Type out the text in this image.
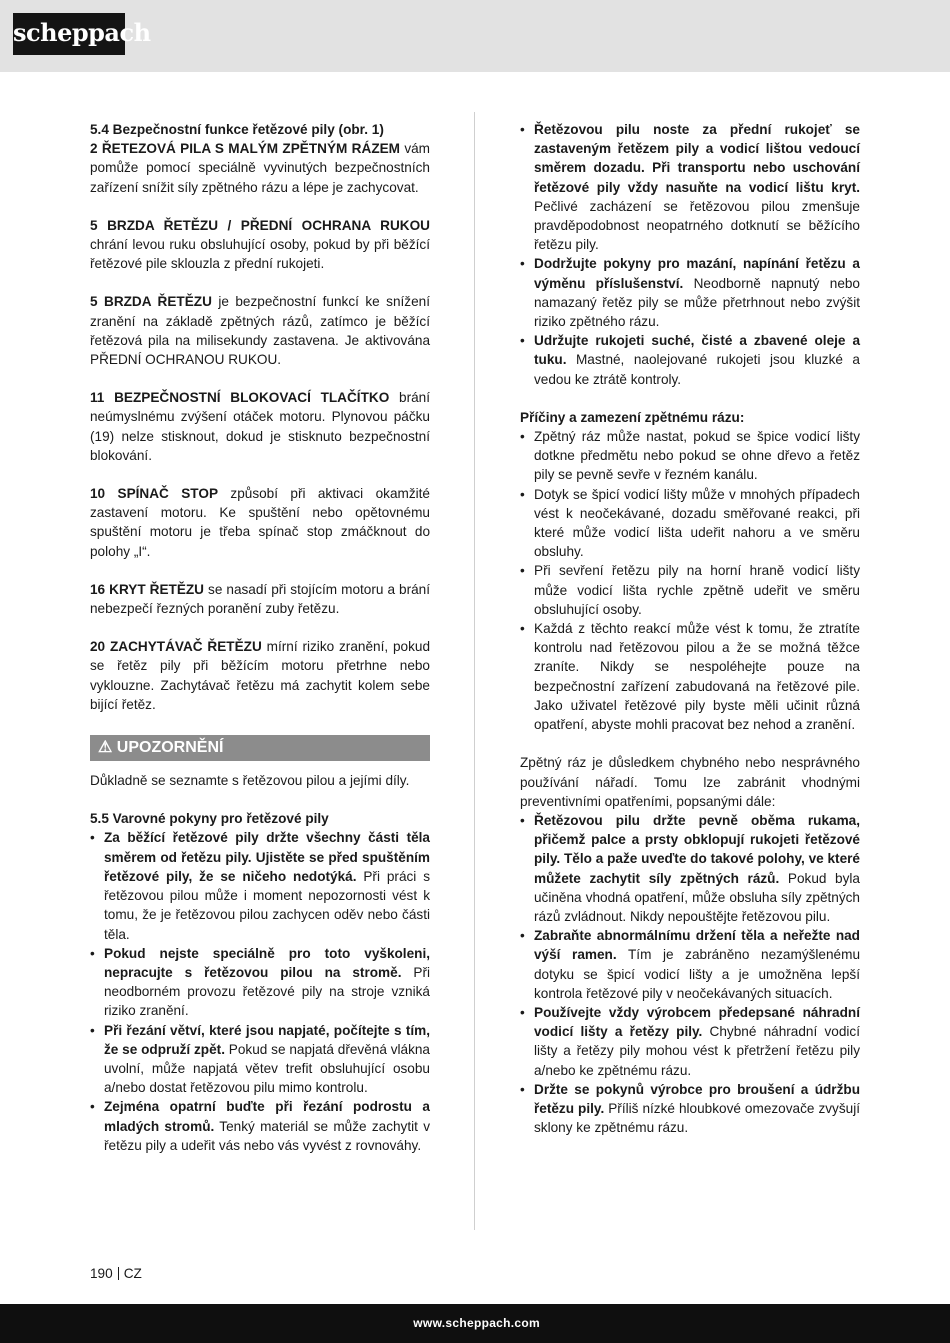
scheppach

5.4 Bezpečnostní funkce řetězové pily (obr. 1)

2 ŘETEZOVÁ PILA S MALÝM ZPĚTNÝM RÁZEM vám pomůže pomocí speciálně vyvinutých bezpečnostních zařízení snížit síly zpětného rázu a lépe je zachycovat.

5 BRZDA ŘETĚZU / PŘEDNÍ OCHRANA RUKOU chrání levou ruku obsluhující osoby, pokud by při běžící řetězové pile sklouzla z přední rukojeti.

5 BRZDA ŘETĚZU je bezpečnostní funkcí ke snížení zranění na základě zpětných rázů, zatímco je běžící řetězová pila na milisekundy zastavena. Je aktivována PŘEDNÍ OCHRANOU RUKOU.

11 BEZPEČNOSTNÍ BLOKOVACÍ TLAČÍTKO brání neúmyslnému zvýšení otáček motoru. Plynovou páčku (19) nelze stisknout, dokud je stisknuto bezpečnostní blokování.

10 SPÍNAČ STOP způsobí při aktivaci okamžité zastavení motoru. Ke spuštění nebo opětovnému spuštění motoru je třeba spínač stop zmáčknout do polohy „I“.

16 KRYT ŘETĚZU se nasadí při stojícím motoru a brání nebezpečí řezných poranění zuby řetězu.

20 ZACHYTÁVAČ ŘETĚZU mírní riziko zranění, pokud se řetěz pily při běžícím motoru přetrhne nebo vyklouzne. Zachytávač řetězu má zachytit kolem sebe bijící řetěz.

⚠ UPOZORNĚNÍ

Důkladně se seznamte s řetězovou pilou a jejími díly.

5.5 Varovné pokyny pro řetězové pily

• Za běžící řetězové pily držte všechny části těla směrem od řetězu pily. Ujistěte se před spuštěním řetězové pily, že se ničeho nedotýká. Při práci s řetězovou pilou může i moment nepozornosti vést k tomu, že je řetězovou pilou zachycen oděv nebo části těla.
• Pokud nejste speciálně pro toto vyškoleni, nepracujte s řetězovou pilou na stromě. Při neodborném provozu řetězové pily na stroje vzniká riziko zranění.
• Při řezání větví, které jsou napjaté, počítejte s tím, že se odpruží zpět. Pokud se napjatá dřevěná vlákna uvolní, může napjatá větev trefit obsluhující osobu a/nebo dostat řetězovou pilu mimo kontrolu.
• Zejména opatrní buďte při řezání podrostu a mladých stromů. Tenký materiál se může zachytit v řetězu pily a udeřit vás nebo vás vyvést z rovnováhy.
• Řetězovou pilu noste za přední rukojeť se zastaveným řetězem pily a vodicí lištou vedoucí směrem dozadu. Při transportu nebo uschování řetězové pily vždy nasuňte na vodicí lištu kryt. Pečlivé zacházení se řetězovou pilou zmenšuje pravděpodobnost neopatrného dotknutí se běžícího řetězu pily.
• Dodržujte pokyny pro mazání, napínání řetězu a výměnu příslušenství. Neodborně napnutý nebo namazaný řetěz pily se může přetrhnout nebo zvýšit riziko zpětného rázu.
• Udržujte rukojeti suché, čisté a zbavené oleje a tuku. Mastné, naolejované rukojeti jsou kluzké a vedou ke ztrátě kontroly.

Příčiny a zamezení zpětnému rázu:

• Zpětný ráz může nastat, pokud se špice vodicí lišty dotkne předmětu nebo pokud se ohne dřevo a řetěz pily se pevně sevře v řezném kanálu.
• Dotyk se špicí vodicí lišty může v mnohých případech vést k neočekávané, dozadu směřované reakci, při které může vodicí lišta udeřit nahoru a ve směru obsluhy.
• Při sevření řetězu pily na horní hraně vodicí lišty může vodicí lišta rychle zpětně udeřit ve směru obsluhující osoby.
• Každá z těchto reakcí může vést k tomu, že ztratíte kontrolu nad řetězovou pilou a že se možná těžce zraníte. Nikdy se nespoléhejte pouze na bezpečnostní zařízení zabudovaná na řetězové pile. Jako uživatel řetězové pily byste měli učinit různá opatření, abyste mohli pracovat bez nehod a zranění.

Zpětný ráz je důsledkem chybného nebo nesprávného používání nářadí. Tomu lze zabránit vhodnými preventivními opatřeními, popsanými dále:

• Řetězovou pilu držte pevně oběma rukama, přičemž palce a prsty obklopují rukojeti řetězové pily. Tělo a paže uveďte do takové polohy, ve které můžete zachytit síly zpětných rázů. Pokud byla učiněna vhodná opatření, může obsluha síly zpětných rázů zvládnout. Nikdy nepouštějte řetězovou pilu.
• Zabraňte abnormálnímu držení těla a neřežte nad výší ramen. Tím je zabráněno nezamýšlenému dotyku se špicí vodicí lišty a je umožněna lepší kontrola řetězové pily v neočekávaných situacích.
• Používejte vždy výrobcem předepsané náhradní vodicí lišty a řetězy pily. Chybné náhradní vodicí lišty a řetězy pily mohou vést k přetržení řetězu pily a/nebo ke zpětnému rázu.
• Držte se pokynů výrobce pro broušení a údržbu řetězu pily. Příliš nízké hloubkové omezovače zvyšují sklony ke zpětnému rázu.
190 CZ
www.scheppach.com
